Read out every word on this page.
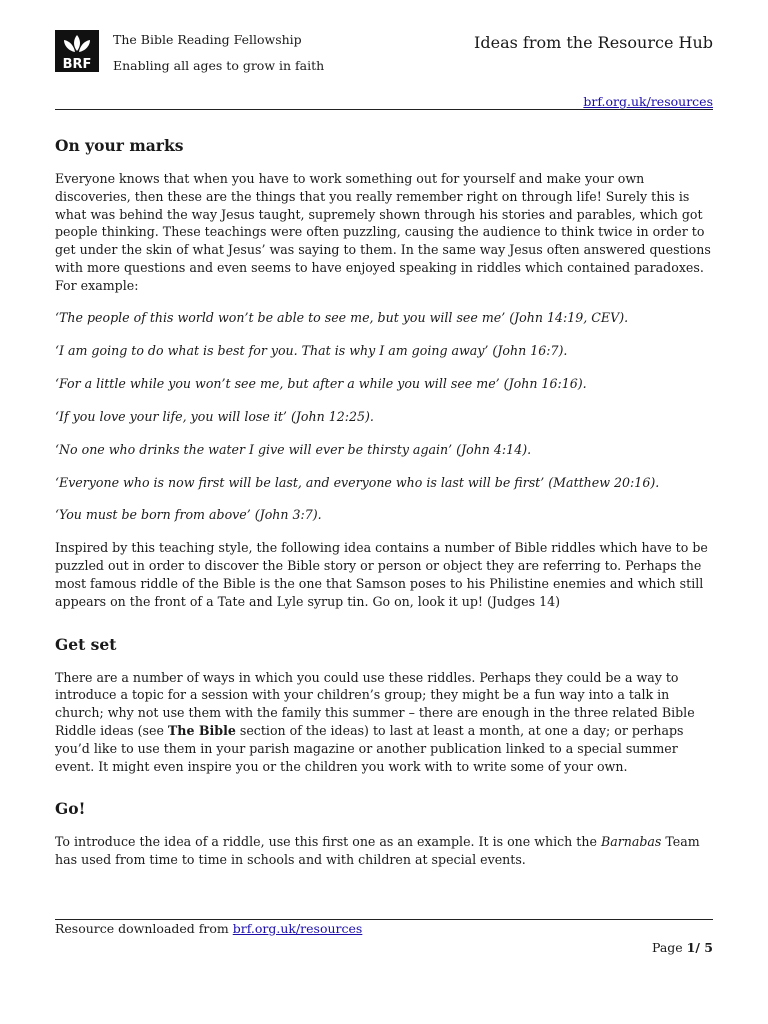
BRF
The Bible Reading Fellowship
Enabling all ages to grow in faith
Ideas from the Resource Hub
brf.org.uk/resources
On your marks

Everyone knows that when you have to work something out for yourself and make your own discoveries, then these are the things that you really remember right on through life! Surely this is what was behind the way Jesus taught, supremely shown through his stories and parables, which got people thinking. These teachings were often puzzling, causing the audience to think twice in order to get under the skin of what Jesus’ was saying to them. In the same way Jesus often answered questions with more questions and even seems to have enjoyed speaking in riddles which contained paradoxes. For example:

‘The people of this world won’t be able to see me, but you will see me’ (John 14:19, CEV).

‘I am going to do what is best for you. That is why I am going away’ (John 16:7).

‘For a little while you won’t see me, but after a while you will see me’ (John 16:16).

‘If you love your life, you will lose it’ (John 12:25).

‘No one who drinks the water I give will ever be thirsty again’ (John 4:14).

‘Everyone who is now first will be last, and everyone who is last will be first’ (Matthew 20:16).

‘You must be born from above’ (John 3:7).

Inspired by this teaching style, the following idea contains a number of Bible riddles which have to be puzzled out in order to discover the Bible story or person or object they are referring to. Perhaps the most famous riddle of the Bible is the one that Samson poses to his Philistine enemies and which still appears on the front of a Tate and Lyle syrup tin. Go on, look it up! (Judges 14)

Get set

There are a number of ways in which you could use these riddles. Perhaps they could be a way to introduce a topic for a session with your children’s group; they might be a fun way into a talk in church; why not use them with the family this summer – there are enough in the three related Bible Riddle ideas (see The Bible section of the ideas) to last at least a month, at one a day; or perhaps you’d like to use them in your parish magazine or another publication linked to a special summer event. It might even inspire you or the children you work with to write some of your own.

Go!

To introduce the idea of a riddle, use this first one as an example. It is one which the Barnabas Team has used from time to time in schools and with children at special events.

Resource downloaded from brf.org.uk/resources
Page 1/ 5
